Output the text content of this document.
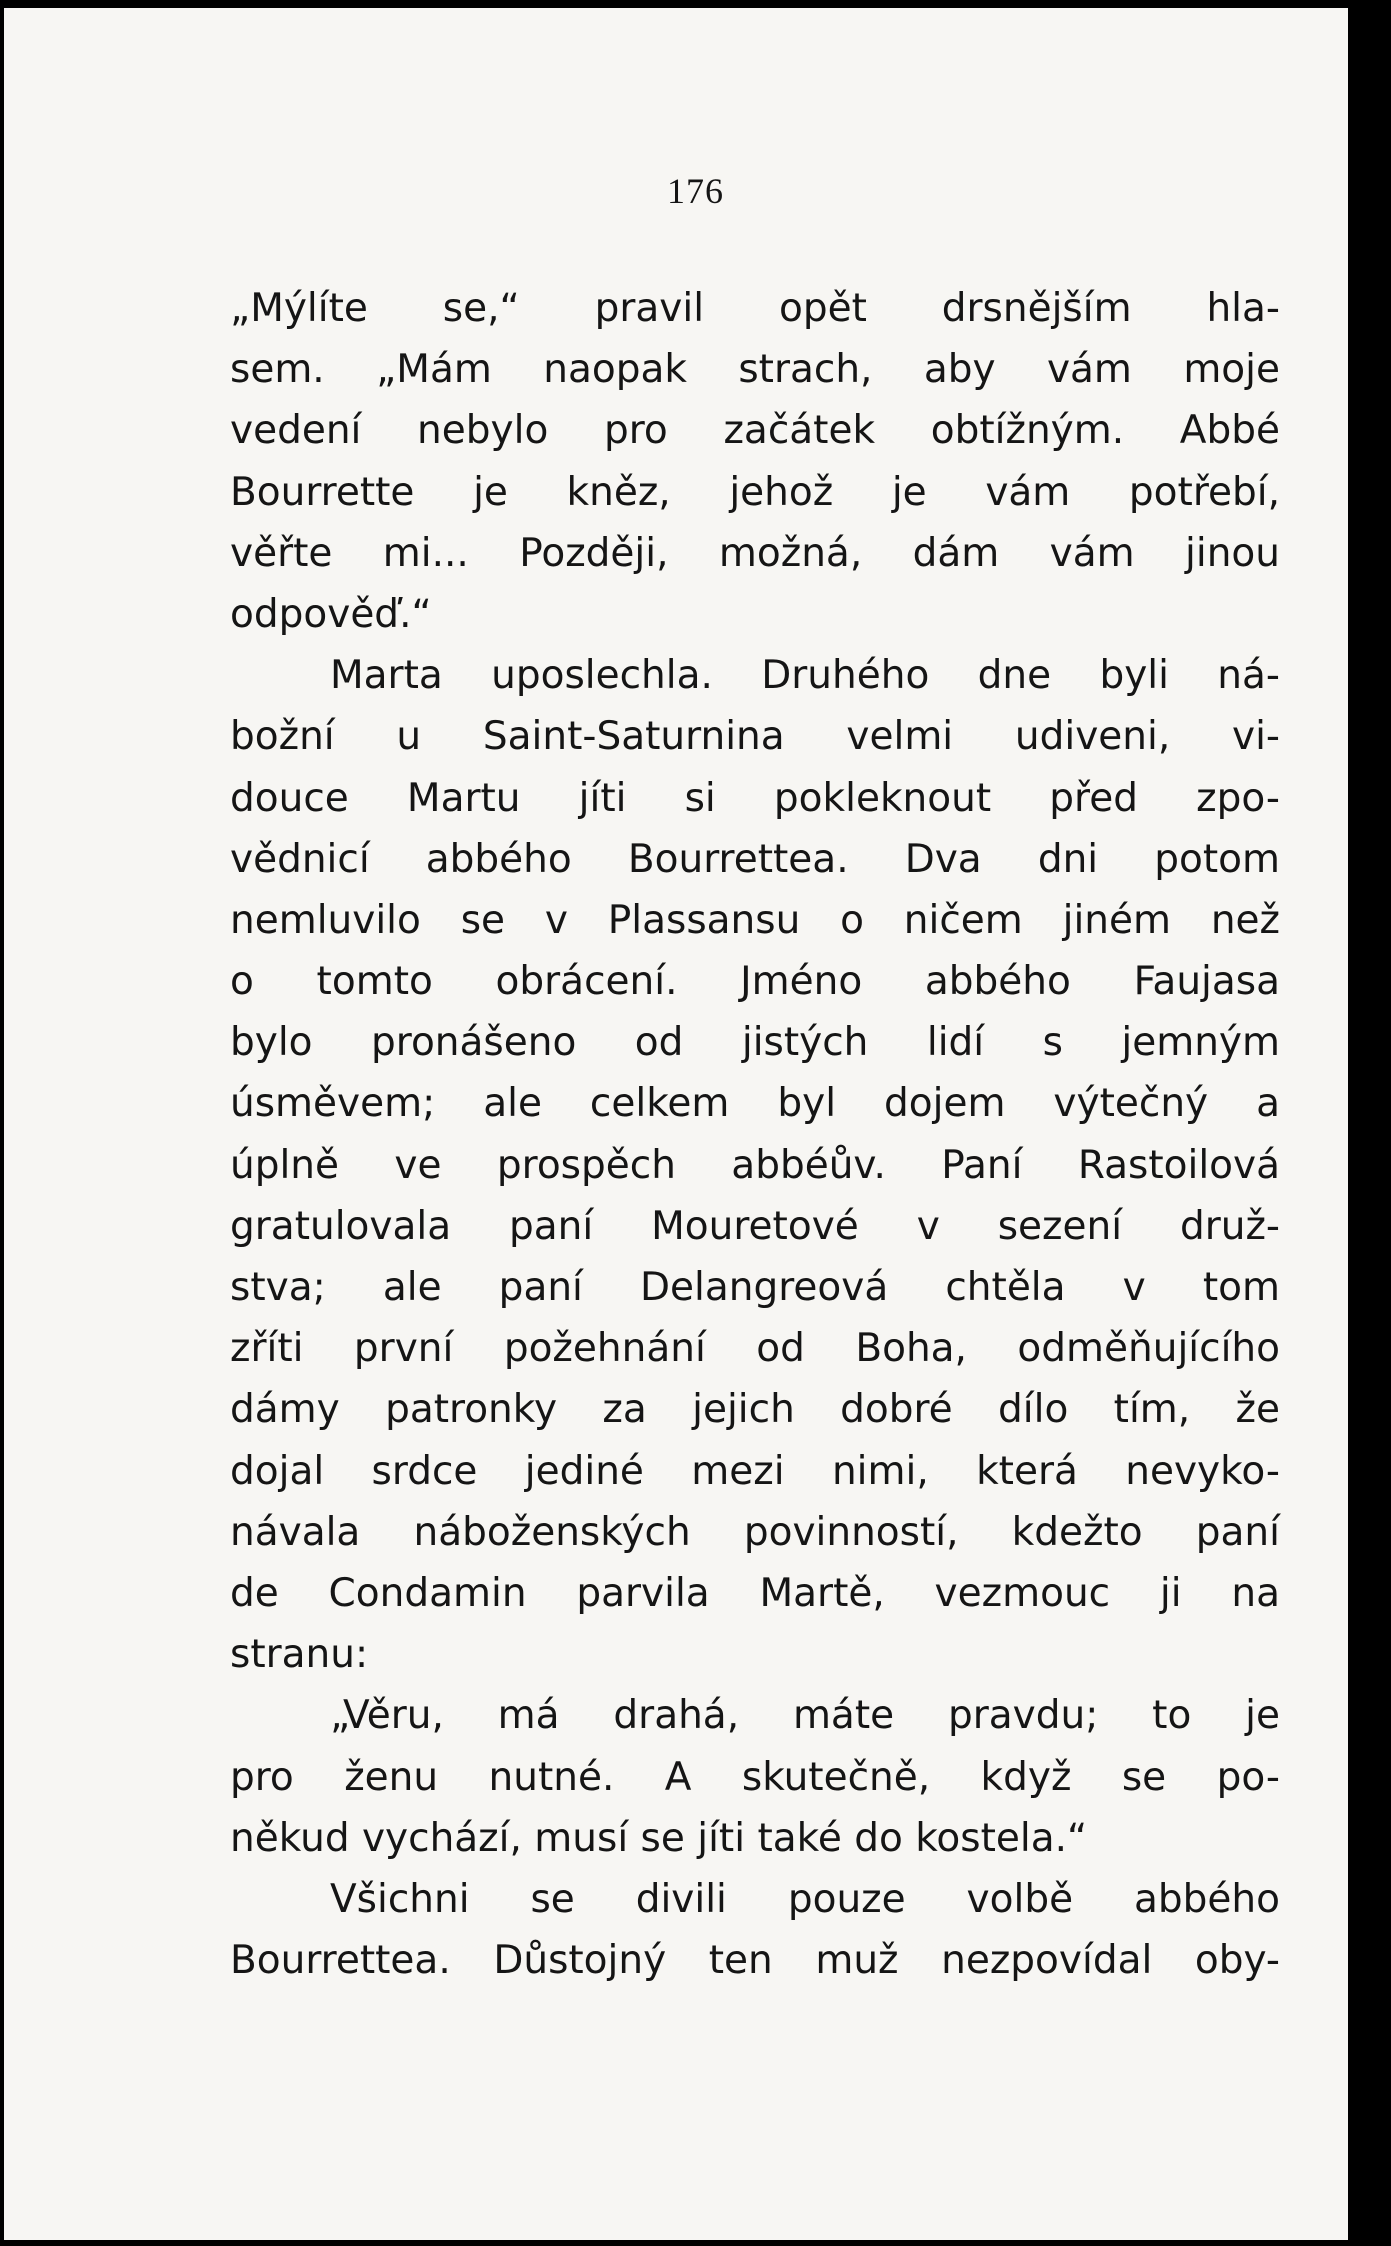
176
„Mýlíte se,“ pravil opět drsnějším hla-
sem. „Mám naopak strach, aby vám moje
vedení nebylo pro začátek obtížným. Abbé
Bourrette je kněz, jehož je vám potřebí,
věřte mi... Později, možná, dám vám jinou
odpověď.“
Marta uposlechla. Druhého dne byli ná-
božní u Saint-Saturnina velmi udiveni, vi-
douce Martu jíti si pokleknout před zpo-
vědnicí abbého Bourrettea. Dva dni potom
nemluvilo se v Plassansu o ničem jiném než
o tomto obrácení. Jméno abbého Faujasa
bylo pronášeno od jistých lidí s jemným
úsměvem; ale celkem byl dojem výtečný a
úplně ve prospěch abbéův. Paní Rastoilová
gratulovala paní Mouretové v sezení druž-
stva; ale paní Delangreová chtěla v tom
zříti první požehnání od Boha, odměňujícího
dámy patronky za jejich dobré dílo tím, že
dojal srdce jediné mezi nimi, která nevyko-
návala náboženských povinností, kdežto paní
de Condamin parvila Martě, vezmouc ji na
stranu:
„Věru, má drahá, máte pravdu; to je
pro ženu nutné. A skutečně, když se po-
někud vychází, musí se jíti také do kostela.“
Všichni se divili pouze volbě abbého
Bourrettea. Důstojný ten muž nezpovídal oby-
